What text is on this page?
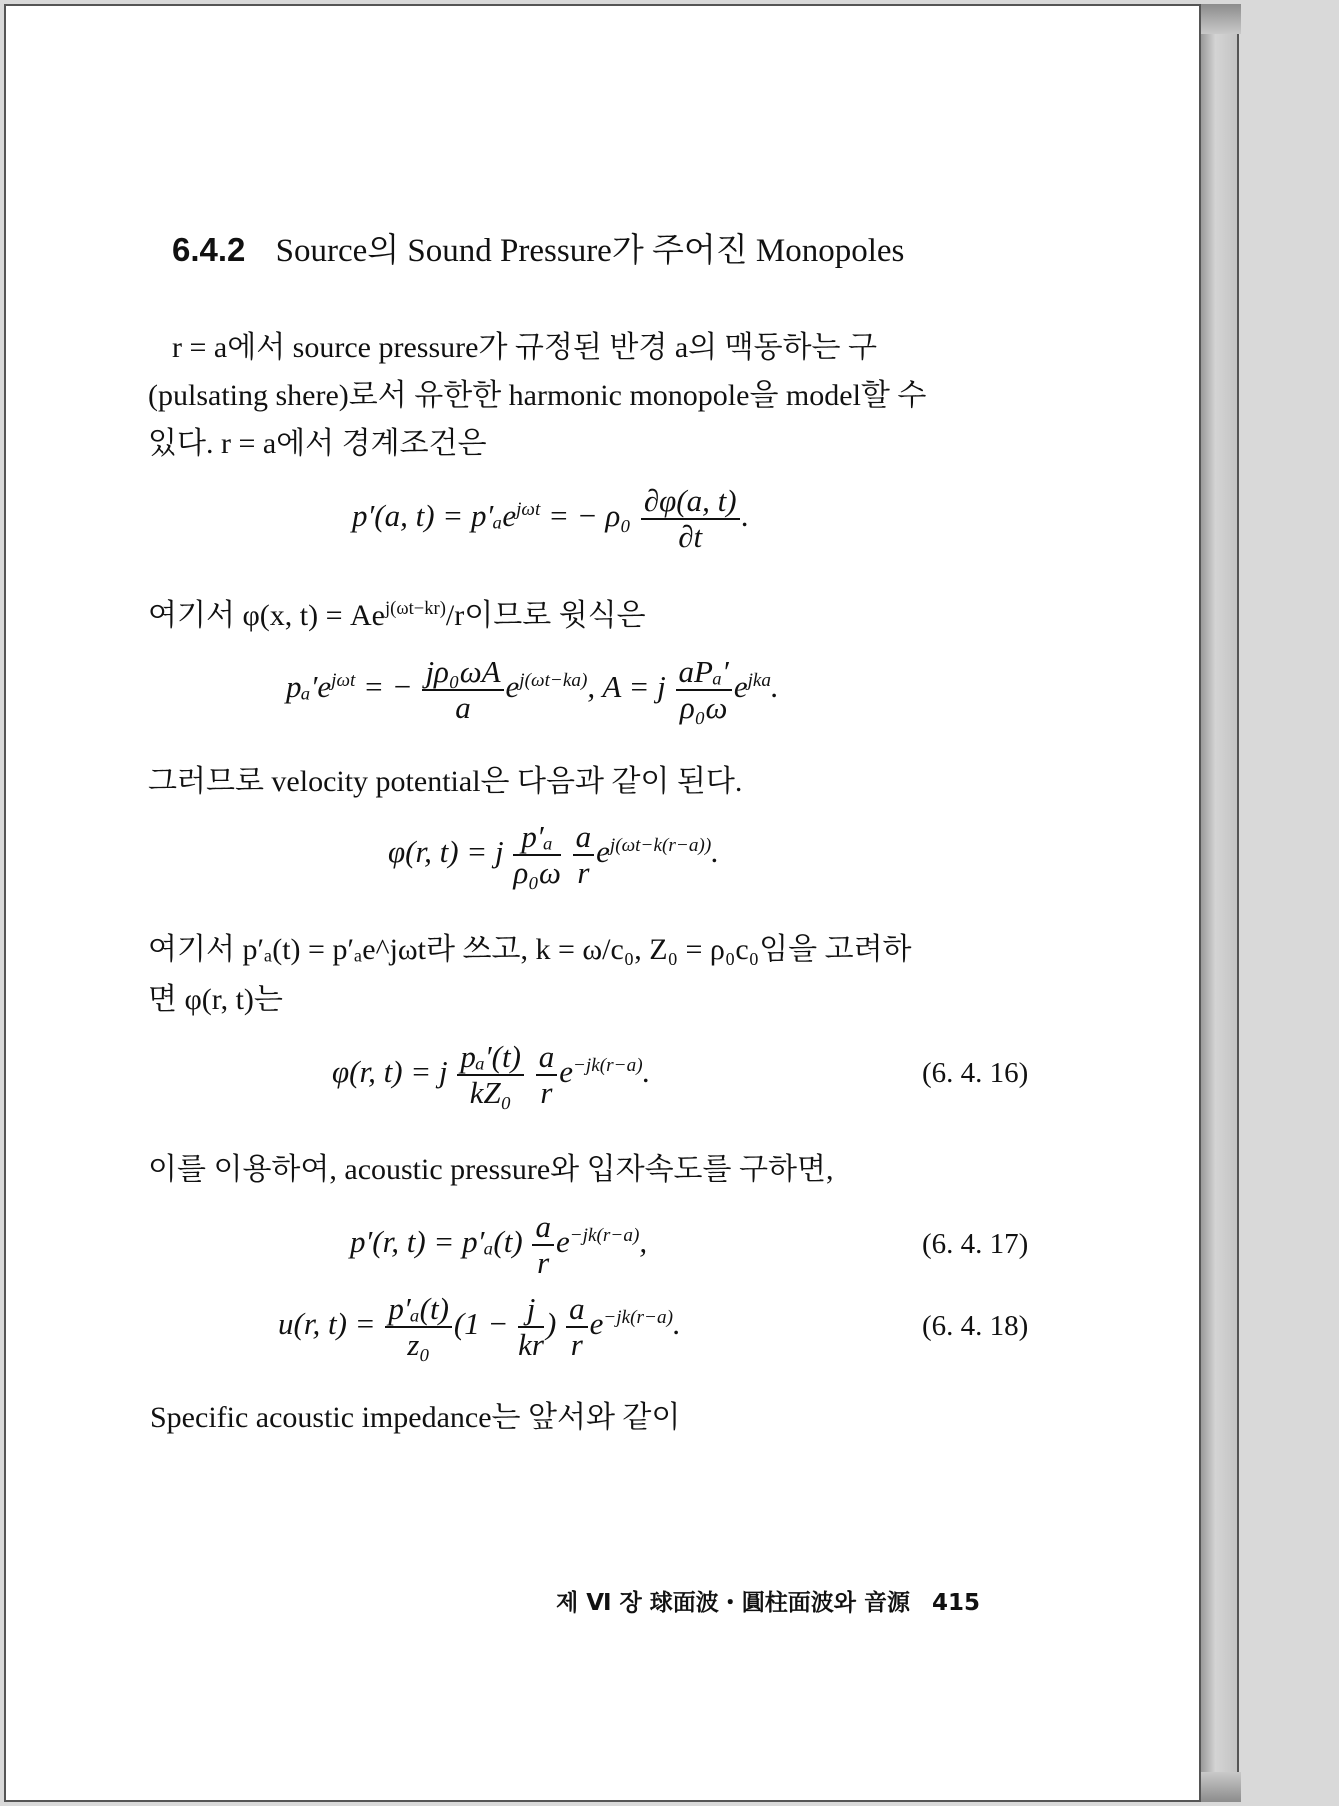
6.4.2 Source의 Sound Pressure가 주어진 Monopoles
r = a에서 source pressure가 규정된 반경 a의 맥동하는 구
(pulsating shere)로서 유한한 harmonic monopole을 model할 수
있다. r = a에서 경계조건은
p′(a, t) = p′ₐe$^{j\omega t}$ = − $\rho_0 \frac{\partial\varphi(a, t)}{\partial t}$ .
여기서 φ(x, $t) = Ae^{j(\omega t-kr)}/r$이므로 윗식은
$p_a'e^{j\omega t}$ = − $\frac{\text{jρ₀ωA}}{a} e^{j(\omega t-ka)}$, A = j $\frac{\text{aPₐ′}}{\text{ρ₀ω}} e^{jka}$.
그러므로 velocity potential은 다음과 같이 된다.
φ(r, t) = j $\frac{\text{p′ₐ}}{\text{ρ₀ω}}$
$\frac{a}{r} e^{j(\omega t-k(r-a))}$.
여기서 p′ₐ(t) = p′ₐe^jωt라 쓰고, k = ω/c₀, Z₀ = ρ₀c₀임을 고려하
면 φ(r, t)는
φ(r, t) = j $\frac{\text{pₐ′(t)}}{\text{kZ₀}}$
$\frac{a}{r} e^{-jk(r-a)}$.	(6. 4. 16)
이를 이용하여, acoustic pressure와 입자속도를 구하면,
p′(r, $t) = p'_a(t) \frac{a}{r} e^{-jk(r-a)}$,	(6. 4. 17)
u(r, $t) = \frac{\text{p′ₐ(t)}}{\text{z₀}} (1 - \frac{j}{kr}$ ) $\frac{a}{r} e^{-jk(r-a)}$.	(6. 4. 18)
Specific acoustic impedance는 앞서와 같이
제 Ⅵ 장 球面波・圓柱面波와 音源 415
